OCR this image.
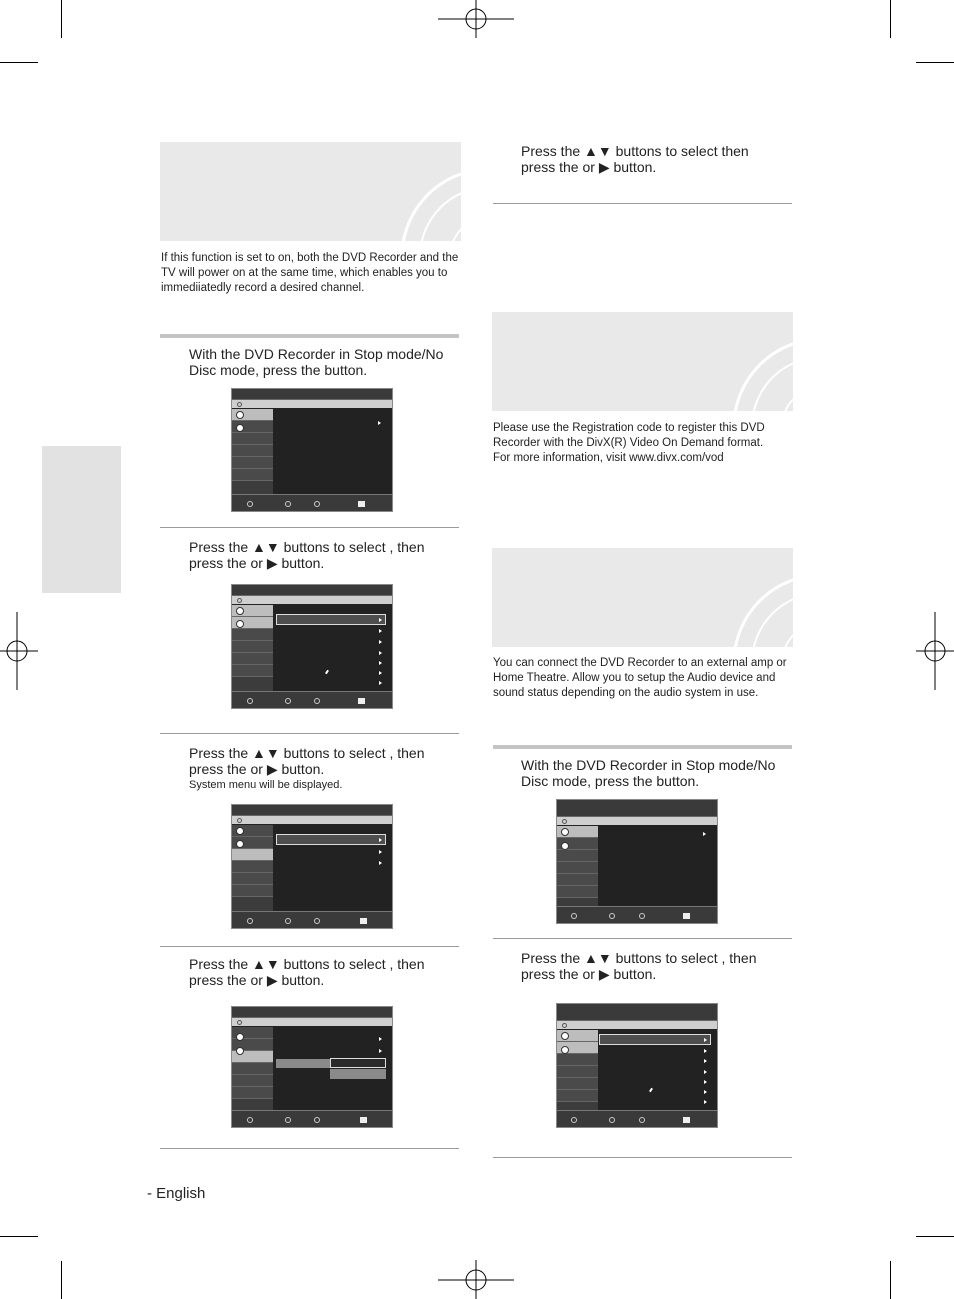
If this function is set to on, both the DVD Recorder and the TV will power on at the same time, which enables you to immediiatedly record a desired channel.
With the DVD Recorder in Stop mode/No Disc mode, press the button.
Press the ▲▼ buttons to select , then press the or ▶ button.
Press the ▲▼ buttons to select , then press the or ▶ button.
System menu will be displayed.
Press the ▲▼ buttons to select , then press the or ▶ button.
Press the ▲▼ buttons to select then press the or ▶ button.
Please use the Registration code to register this DVD Recorder with the DivX(R) Video On Demand format. For more information, visit www.divx.com/vod
You can connect the DVD Recorder to an external amp or Home Theatre. Allow you to setup the Audio device and sound status depending on the audio system in use.
With the DVD Recorder in Stop mode/No Disc mode, press the button.
Press the ▲▼ buttons to select , then press the or ▶ button.
- English
